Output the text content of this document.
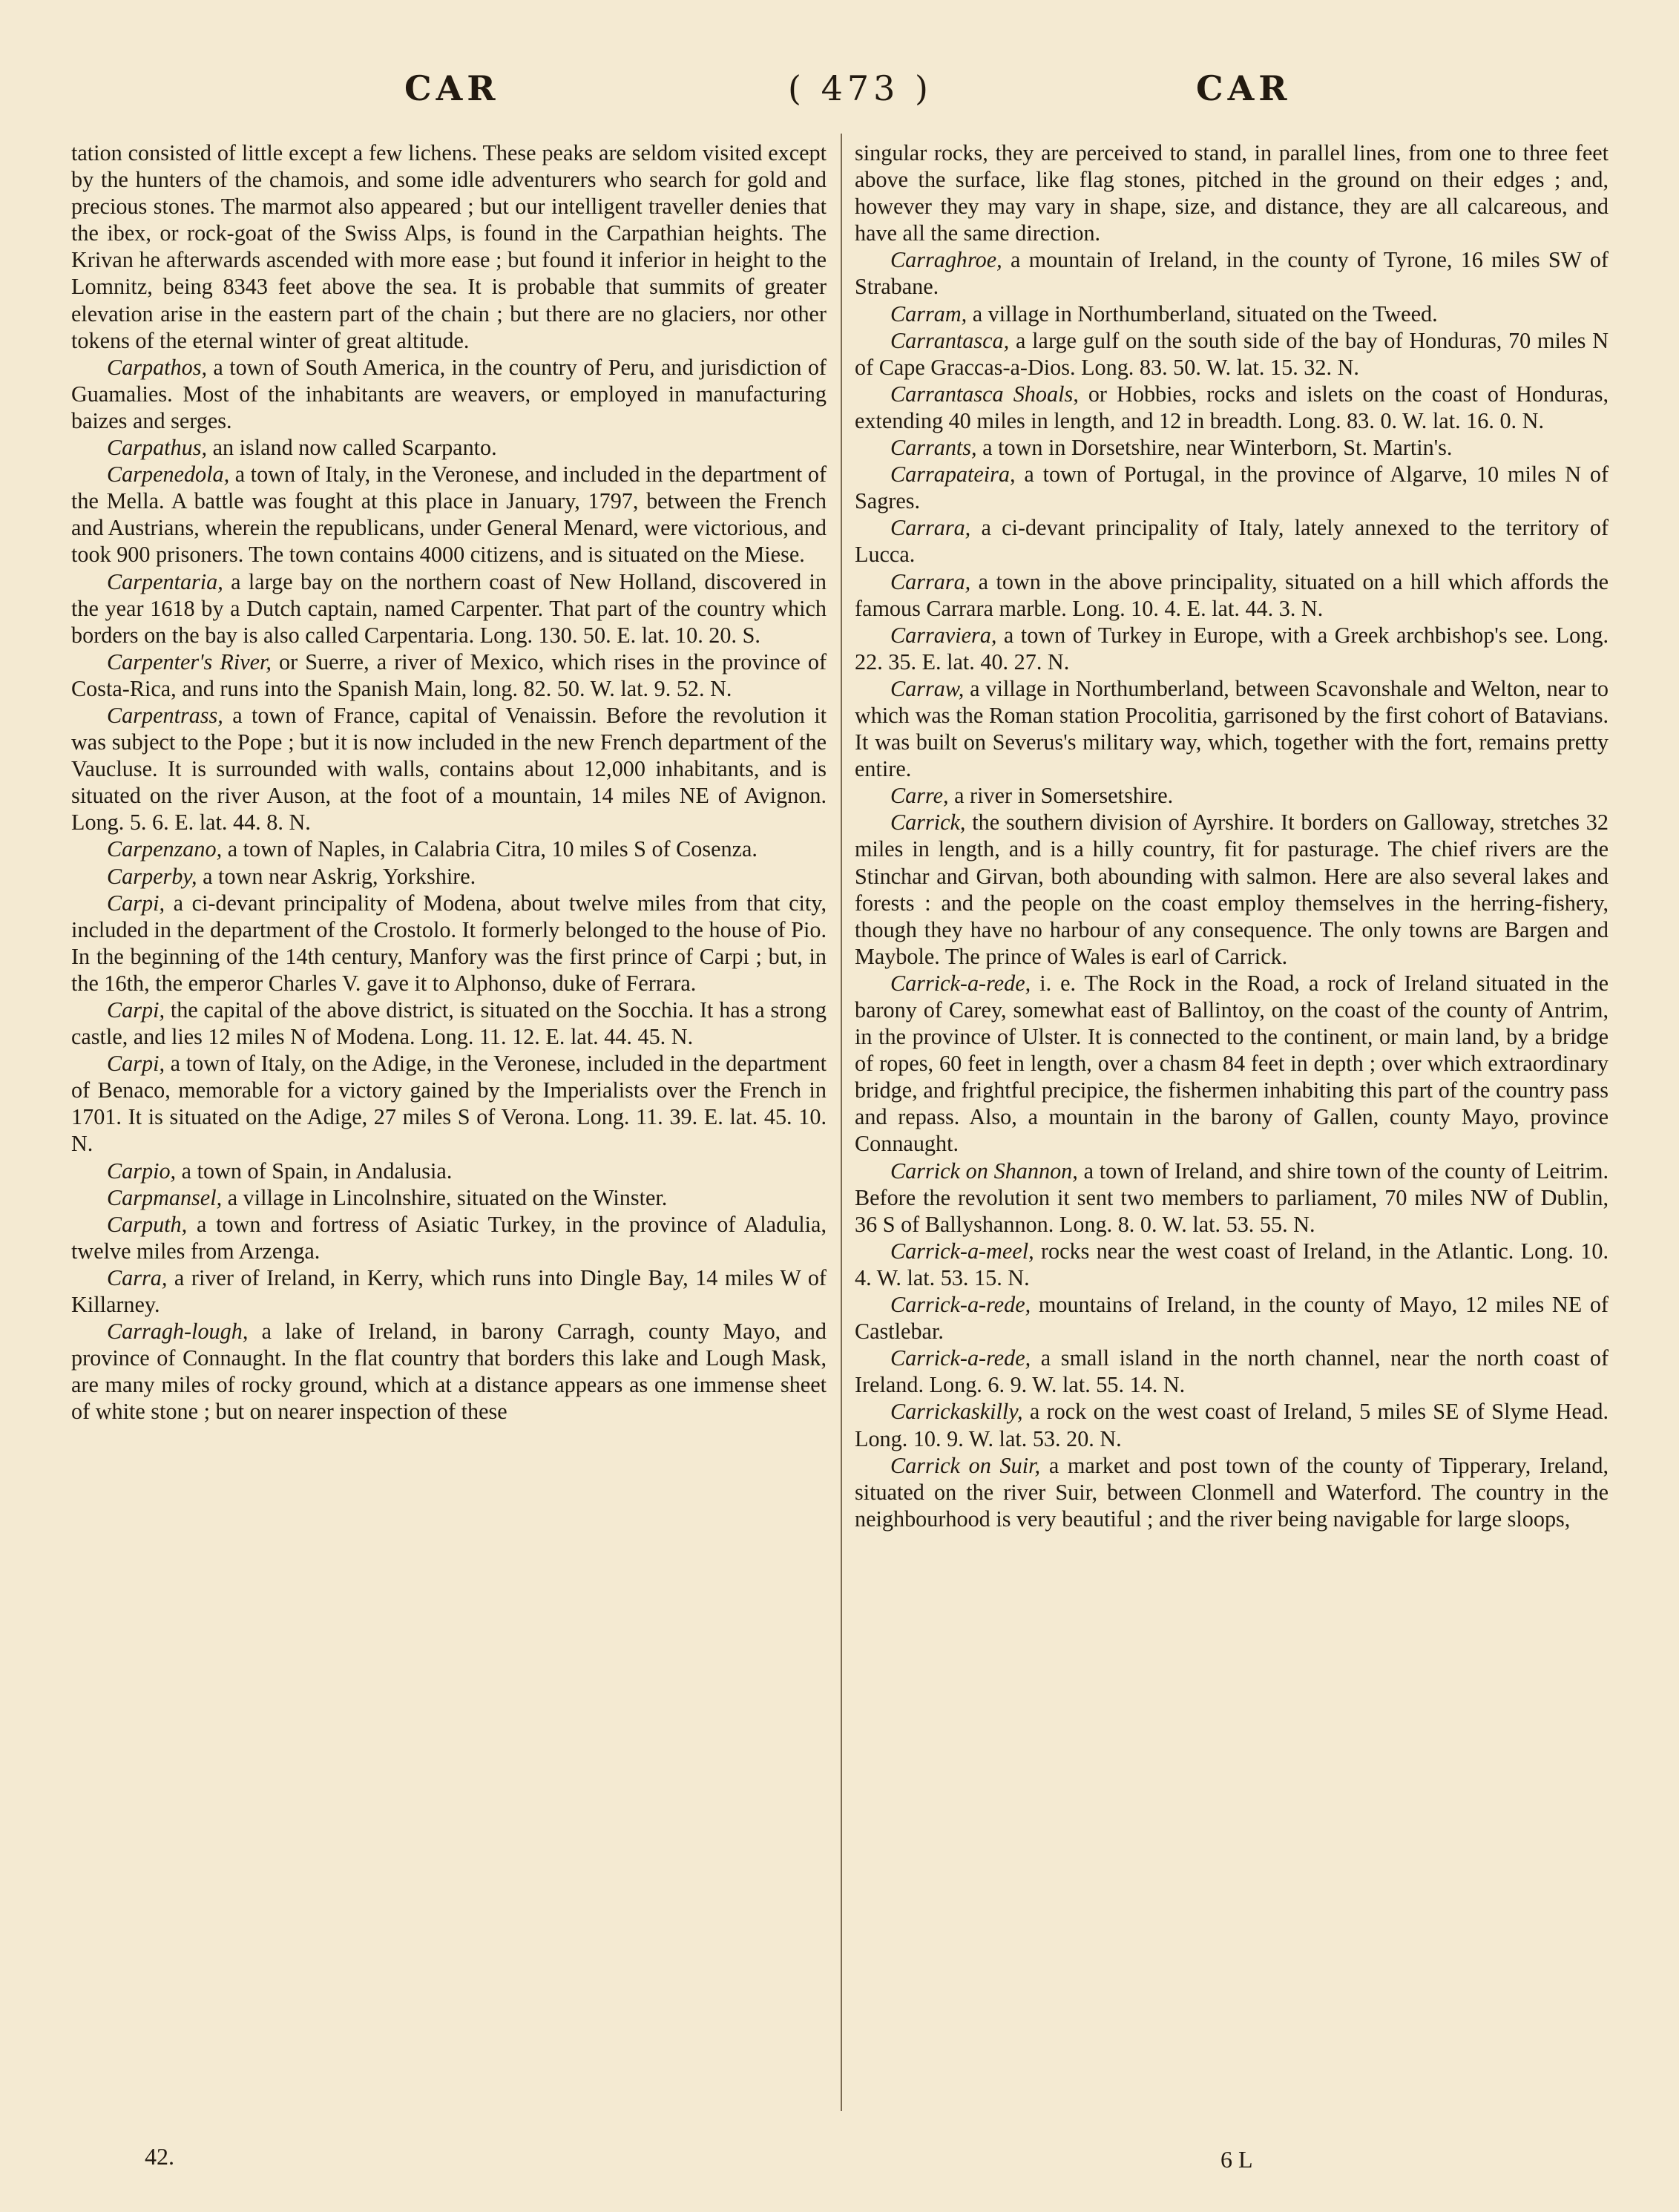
CAR	( 473 )	CAR

tation consisted of little except a few lichens. These peaks are seldom visited except by the hunters of the chamois, and some idle adventurers who search for gold and precious stones. The marmot also appeared ; but our intelligent traveller denies that the ibex, or rock-goat of the Swiss Alps, is found in the Carpathian heights. The Krivan he afterwards ascended with more ease ; but found it inferior in height to the Lomnitz, being 8343 feet above the sea. It is probable that summits of greater elevation arise in the eastern part of the chain ; but there are no glaciers, nor other tokens of the eternal winter of great altitude.

Carpathos, a town of South America, in the country of Peru, and jurisdiction of Guamalies. Most of the inhabitants are weavers, or employed in manufacturing baizes and serges.

Carpathus, an island now called Scarpanto.

Carpenedola, a town of Italy, in the Veronese, and included in the department of the Mella. A battle was fought at this place in January, 1797, between the French and Austrians, wherein the republicans, under General Menard, were victorious, and took 900 prisoners. The town contains 4000 citizens, and is situated on the Miese.

Carpentaria, a large bay on the northern coast of New Holland, discovered in the year 1618 by a Dutch captain, named Carpenter. That part of the country which borders on the bay is also called Carpentaria. Long. 130. 50. E. lat. 10. 20. S.

Carpenter's River, or Suerre, a river of Mexico, which rises in the province of Costa-Rica, and runs into the Spanish Main, long. 82. 50. W. lat. 9. 52. N.

Carpentrass, a town of France, capital of Venaissin. Before the revolution it was subject to the Pope ; but it is now included in the new French department of the Vaucluse. It is surrounded with walls, contains about 12,000 inhabitants, and is situated on the river Auson, at the foot of a mountain, 14 miles NE of Avignon. Long. 5. 6. E. lat. 44. 8. N.

Carpenzano, a town of Naples, in Calabria Citra, 10 miles S of Cosenza.

Carperby, a town near Askrig, Yorkshire.

Carpi, a ci-devant principality of Modena, about twelve miles from that city, included in the department of the Crostolo. It formerly belonged to the house of Pio. In the beginning of the 14th century, Manfory was the first prince of Carpi ; but, in the 16th, the emperor Charles V. gave it to Alphonso, duke of Ferrara.

Carpi, the capital of the above district, is situated on the Socchia. It has a strong castle, and lies 12 miles N of Modena. Long. 11. 12. E. lat. 44. 45. N.

Carpi, a town of Italy, on the Adige, in the Veronese, included in the department of Benaco, memorable for a victory gained by the Imperialists over the French in 1701. It is situated on the Adige, 27 miles S of Verona. Long. 11. 39. E. lat. 45. 10. N.

Carpio, a town of Spain, in Andalusia.

Carpmansel, a village in Lincolnshire, situated on the Winster.

Carputh, a town and fortress of Asiatic Turkey, in the province of Aladulia, twelve miles from Arzenga.

Carra, a river of Ireland, in Kerry, which runs into Dingle Bay, 14 miles W of Killarney.

Carragh-lough, a lake of Ireland, in barony Carragh, county Mayo, and province of Connaught. In the flat country that borders this lake and Lough Mask, are many miles of rocky ground, which at a distance appears as one immense sheet of white stone ; but on nearer inspection of these

singular rocks, they are perceived to stand, in parallel lines, from one to three feet above the surface, like flag stones, pitched in the ground on their edges ; and, however they may vary in shape, size, and distance, they are all calcareous, and have all the same direction.

Carraghroe, a mountain of Ireland, in the county of Tyrone, 16 miles SW of Strabane.

Carram, a village in Northumberland, situated on the Tweed.

Carrantasca, a large gulf on the south side of the bay of Honduras, 70 miles N of Cape Graccas-a-Dios. Long. 83. 50. W. lat. 15. 32. N.

Carrantasca Shoals, or Hobbies, rocks and islets on the coast of Honduras, extending 40 miles in length, and 12 in breadth. Long. 83. 0. W. lat. 16. 0. N.

Carrants, a town in Dorsetshire, near Winterborn, St. Martin's.

Carrapateira, a town of Portugal, in the province of Algarve, 10 miles N of Sagres.

Carrara, a ci-devant principality of Italy, lately annexed to the territory of Lucca.

Carrara, a town in the above principality, situated on a hill which affords the famous Carrara marble. Long. 10. 4. E. lat. 44. 3. N.

Carraviera, a town of Turkey in Europe, with a Greek archbishop's see. Long. 22. 35. E. lat. 40. 27. N.

Carraw, a village in Northumberland, between Scavonshale and Welton, near to which was the Roman station Procolitia, garrisoned by the first cohort of Batavians. It was built on Severus's military way, which, together with the fort, remains pretty entire.

Carre, a river in Somersetshire.

Carrick, the southern division of Ayrshire. It borders on Galloway, stretches 32 miles in length, and is a hilly country, fit for pasturage. The chief rivers are the Stinchar and Girvan, both abounding with salmon. Here are also several lakes and forests : and the people on the coast employ themselves in the herring-fishery, though they have no harbour of any consequence. The only towns are Bargen and Maybole. The prince of Wales is earl of Carrick.

Carrick-a-rede, i. e. The Rock in the Road, a rock of Ireland situated in the barony of Carey, somewhat east of Ballintoy, on the coast of the county of Antrim, in the province of Ulster. It is connected to the continent, or main land, by a bridge of ropes, 60 feet in length, over a chasm 84 feet in depth ; over which extraordinary bridge, and frightful precipice, the fishermen inhabiting this part of the country pass and repass. Also, a mountain in the barony of Gallen, county Mayo, province Connaught.

Carrick on Shannon, a town of Ireland, and shire town of the county of Leitrim. Before the revolution it sent two members to parliament, 70 miles NW of Dublin, 36 S of Ballyshannon. Long. 8. 0. W. lat. 53. 55. N.

Carrick-a-meel, rocks near the west coast of Ireland, in the Atlantic. Long. 10. 4. W. lat. 53. 15. N.

Carrick-a-rede, mountains of Ireland, in the county of Mayo, 12 miles NE of Castlebar.

Carrick-a-rede, a small island in the north channel, near the north coast of Ireland. Long. 6. 9. W. lat. 55. 14. N.

Carrickaskilly, a rock on the west coast of Ireland, 5 miles SE of Slyme Head. Long. 10. 9. W. lat. 53. 20. N.

Carrick on Suir, a market and post town of the county of Tipperary, Ireland, situated on the river Suir, between Clonmell and Waterford. The country in the neighbourhood is very beautiful ; and the river being navigable for large sloops,

42.	6 L
